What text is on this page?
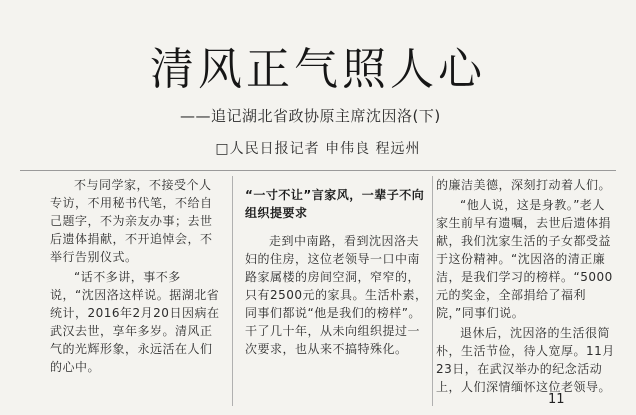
清风正气照人心
——追记湖北省政协原主席沈因洛(下)
□人民日报记者 申伟良 程远州

不与同学家，不接受个人专访，不用秘书代笔，不给自己题字，不为亲友办事；去世后遗体捐献，不开追悼会，不举行告别仪式。

“话不多讲，事不多说，“沈因洛这样说。据湖北省统计，2016年2月20日因病在武汉去世，享年多岁。清风正气的光辉形象，永远活在人们的心中。

“一寸不让”言家风，一辈子不向组织提要求

走到中南路，看到沈因洛夫妇的住房，这位老领导一口中南路家属楼的房间空洞，窄窄的，只有2500元的家具。生活朴素，同事们都说“他是我们的榜样”。干了几十年，从未向组织提过一次要求，也从来不搞特殊化。

的廉洁美德，深刻打动着人们。

“他人说，这是身教。”老人家生前早有遗嘱，去世后遗体捐献，我们沈家生活的子女都受益于这份精神。“沈因洛的清正廉洁，是我们学习的榜样。“5000元的奖金，全部捐给了福利院，”同事们说。

退休后，沈因洛的生活很简朴，生活节俭，待人宽厚。11月23日，在武汉举办的纪念活动上，人们深情缅怀这位老领导。

11
